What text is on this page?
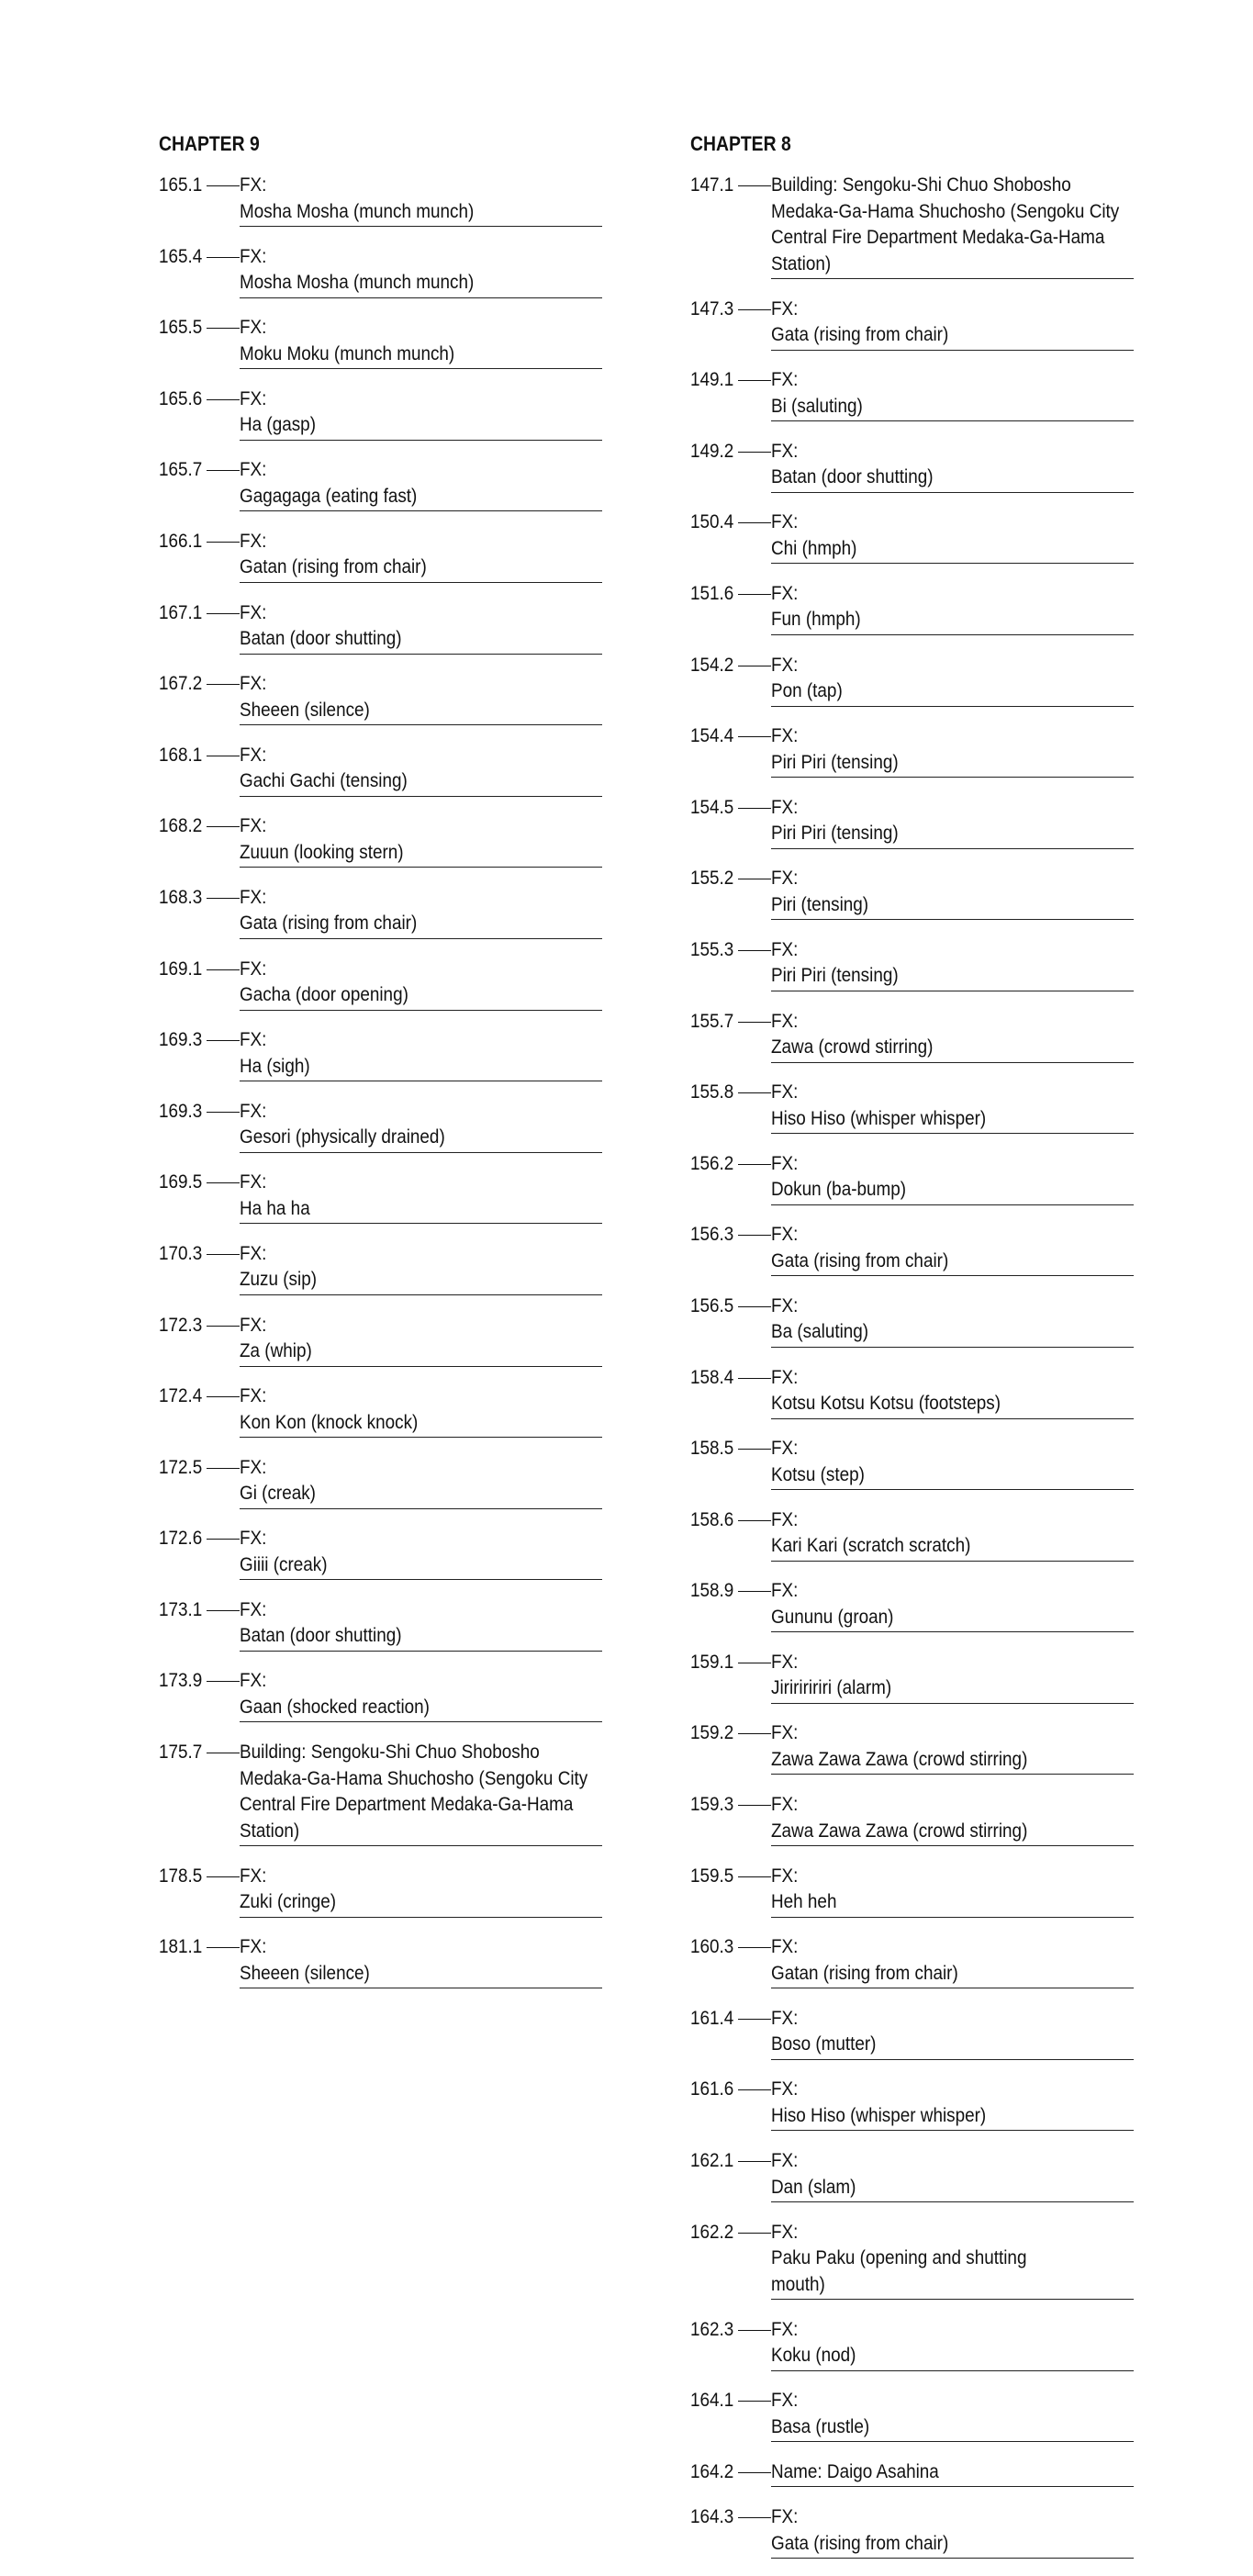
CHAPTER 9
165.1 FX:Mosha Mosha (munch munch)
165.4 FX:Mosha Mosha (munch munch)
165.5 FX:Moku Moku (munch munch)
165.6 FX:Ha (gasp)
165.7 FX:Gagagaga (eating fast)
166.1 FX:Gatan (rising from chair)
167.1 FX:Batan (door shutting)
167.2 FX:Sheeen (silence)
168.1 FX:Gachi Gachi (tensing)
168.2 FX:Zuuun (looking stern)
168.3 FX:Gata (rising from chair)
169.1 FX:Gacha (door opening)
169.3 FX:Ha (sigh)
169.3 FX:Gesori (physically drained)
169.5 FX:Ha ha ha
170.3 FX:Zuzu (sip)
172.3 FX:Za (whip)
172.4 FX:Kon Kon (knock knock)
172.5 FX:Gi (creak)
172.6 FX:Giiii (creak)
173.1 FX:Batan (door shutting)
173.9 FX:Gaan (shocked reaction)
175.7 Building: Sengoku-Shi Chuo Shobosho Medaka-Ga-Hama Shuchosho (Sengoku City Central Fire Department Medaka-Ga-Hama Station)
178.5 FX:Zuki (cringe)
181.1 FX:Sheeen (silence)
CHAPTER 8
147.1 Building: Sengoku-Shi Chuo Shobosho Medaka-Ga-Hama Shuchosho (Sengoku City Central Fire Department Medaka-Ga-Hama Station)
147.3 FX:Gata (rising from chair)
149.1 FX:Bi (saluting)
149.2 FX:Batan (door shutting)
150.4 FX:Chi (hmph)
151.6 FX:Fun (hmph)
154.2 FX:Pon (tap)
154.4 FX:Piri Piri (tensing)
154.5 FX:Piri Piri (tensing)
155.2 FX:Piri (tensing)
155.3 FX:Piri Piri (tensing)
155.7 FX:Zawa (crowd stirring)
155.8 FX:Hiso Hiso (whisper whisper)
156.2 FX:Dokun (ba-bump)
156.3 FX:Gata (rising from chair)
156.5 FX:Ba (saluting)
158.4 FX:Kotsu Kotsu Kotsu (footsteps)
158.5 FX:Kotsu (step)
158.6 FX:Kari Kari (scratch scratch)
158.9 FX:Gununu (groan)
159.1 FX:Jiririririri (alarm)
159.2 FX:Zawa Zawa Zawa (crowd stirring)
159.3 FX:Zawa Zawa Zawa (crowd stirring)
159.5 FX:Heh heh
160.3 FX:Gatan (rising from chair)
161.4 FX:Boso (mutter)
161.6 FX:Hiso Hiso (whisper whisper)
162.1 FX:Dan (slam)
162.2 FX:Paku Paku (opening and shutting mouth)
162.3 FX:Koku (nod)
164.1 FX:Basa (rustle)
164.2 Name: Daigo Asahina
164.3 FX:Gata (rising from chair)
